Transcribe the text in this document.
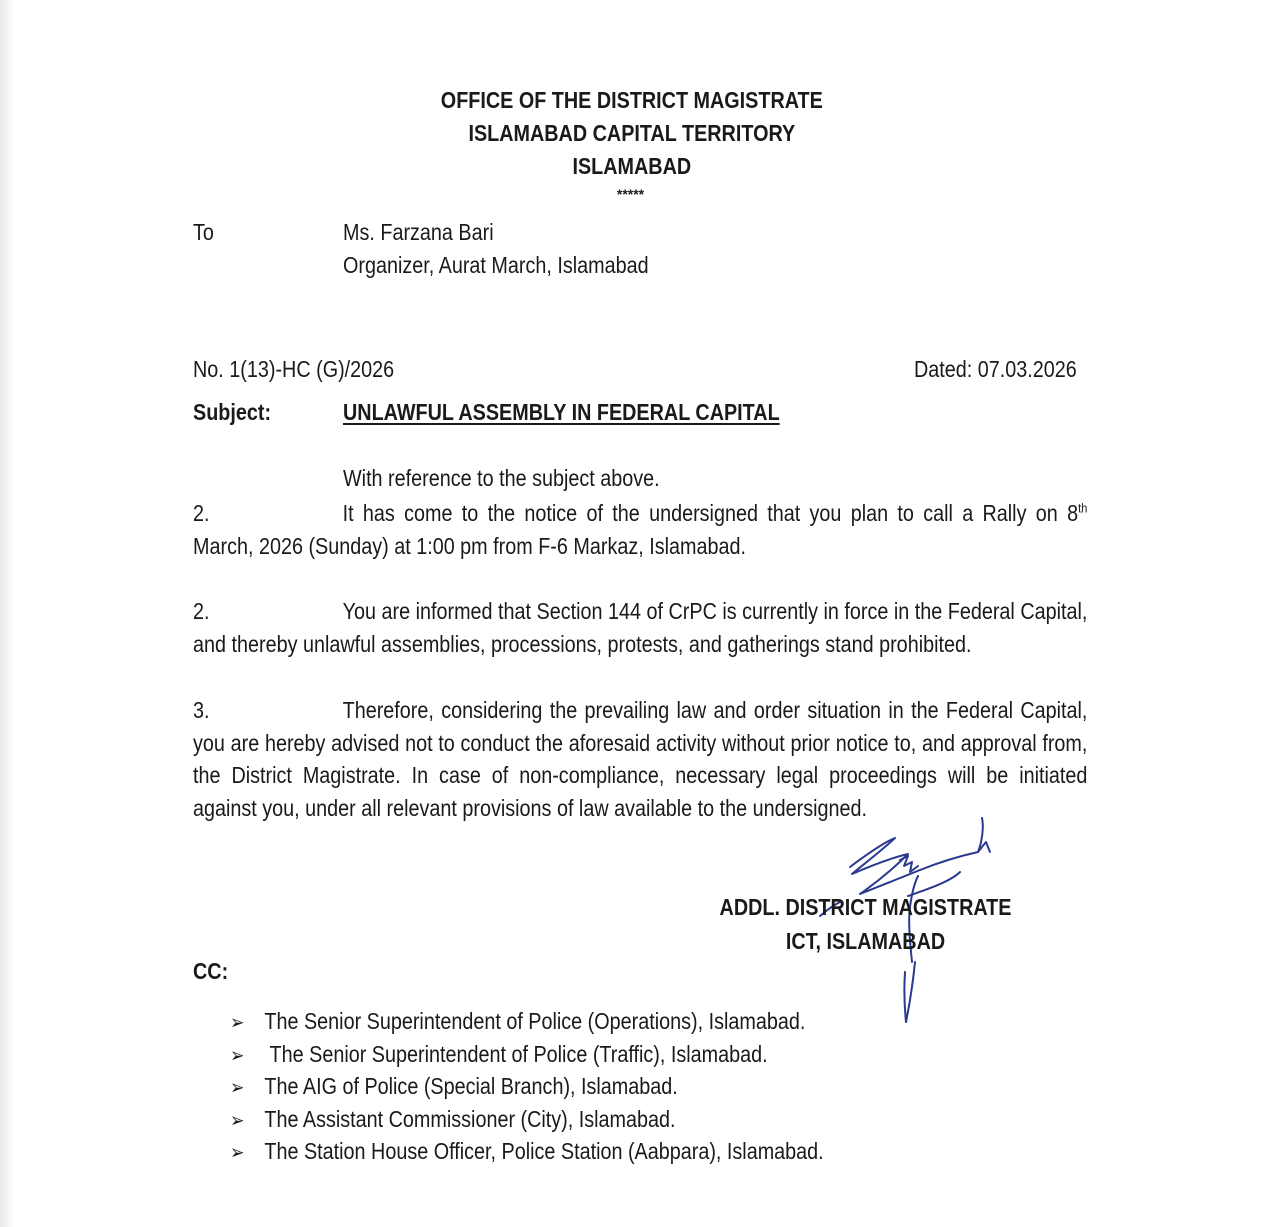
OFFICE OF THE DISTRICT MAGISTRATE
ISLAMABAD CAPITAL TERRITORY
ISLAMABAD
*****
To	Ms. Farzana Bari
Organizer, Aurat March, Islamabad
No. 1(13)-HC (G)/2026	Dated: 07.03.2026
Subject:	UNLAWFUL ASSEMBLY IN FEDERAL CAPITAL
With reference to the subject above.
2.	It has come to the notice of the undersigned that you plan to call a Rally on 8th March, 2026 (Sunday) at 1:00 pm from F-6 Markaz, Islamabad.
2.	You are informed that Section 144 of CrPC is currently in force in the Federal Capital, and thereby unlawful assemblies, processions, protests, and gatherings stand prohibited.
3.	Therefore, considering the prevailing law and order situation in the Federal Capital, you are hereby advised not to conduct the aforesaid activity without prior notice to, and approval from, the District Magistrate. In case of non-compliance, necessary legal proceedings will be initiated against you, under all relevant provisions of law available to the undersigned.
ADDL. DISTRICT MAGISTRATE
ICT, ISLAMABAD
CC:
➢ The Senior Superintendent of Police (Operations), Islamabad.
➢ The Senior Superintendent of Police (Traffic), Islamabad.
➢ The AIG of Police (Special Branch), Islamabad.
➢ The Assistant Commissioner (City), Islamabad.
➢ The Station House Officer, Police Station (Aabpara), Islamabad.
